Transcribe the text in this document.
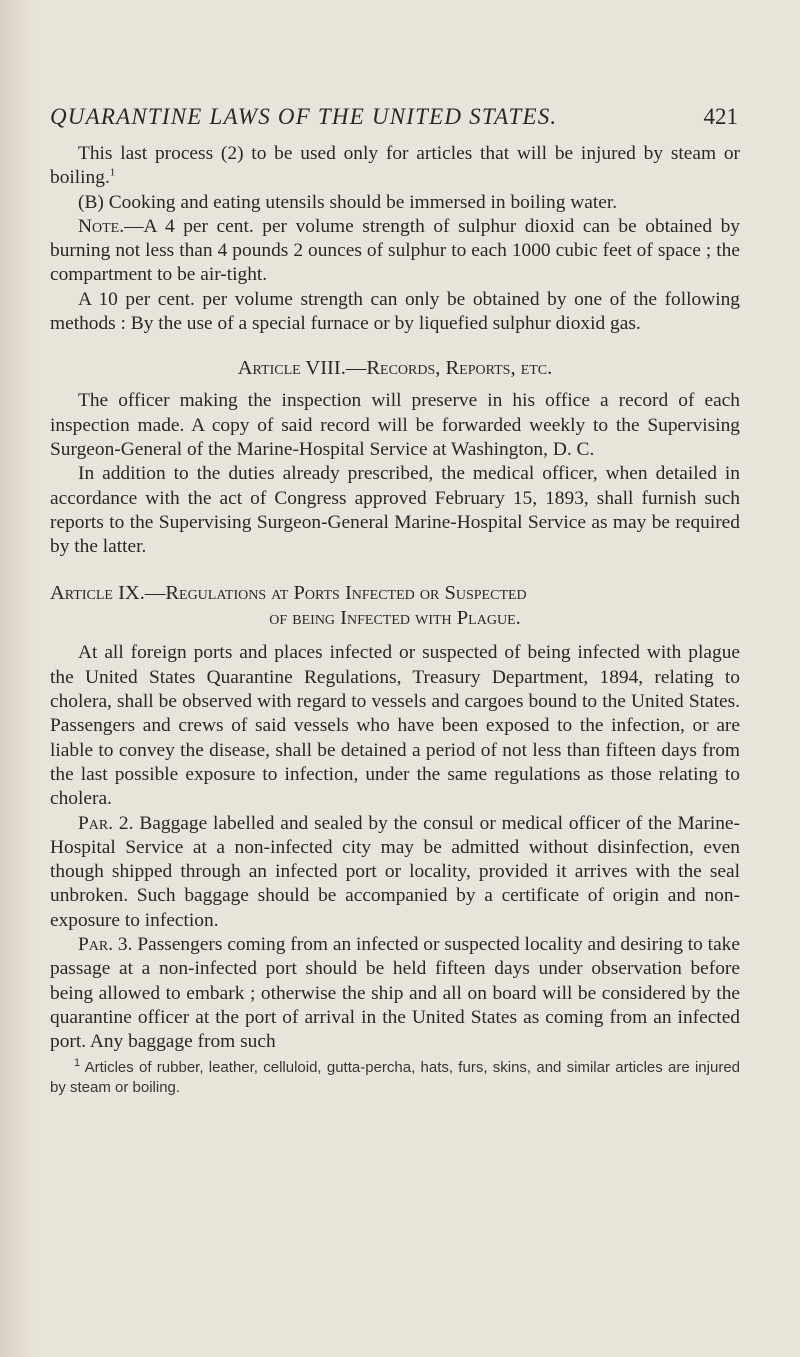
QUARANTINE LAWS OF THE UNITED STATES.	421

This last process (2) to be used only for articles that will be injured by steam or boiling.$^1$

(B) Cooking and eating utensils should be immersed in boiling water.

Note.—A 4 per cent. per volume strength of sulphur dioxid can be obtained by burning not less than 4 pounds 2 ounces of sulphur to each 1000 cubic feet of space ; the compartment to be air-tight.

A 10 per cent. per volume strength can only be obtained by one of the following methods : By the use of a special furnace or by liquefied sulphur dioxid gas.

Article VIII.—Records, Reports, etc.

The officer making the inspection will preserve in his office a record of each inspection made. A copy of said record will be forwarded weekly to the Supervising Surgeon-General of the Marine-Hospital Service at Washington, D. C.

In addition to the duties already prescribed, the medical officer, when detailed in accordance with the act of Congress approved February 15, 1893, shall furnish such reports to the Supervising Surgeon-General Marine-Hospital Service as may be required by the latter.

Article IX.—Regulations at Ports Infected or Suspected
of being Infected with Plague.

At all foreign ports and places infected or suspected of being infected with plague the United States Quarantine Regulations, Treasury Department, 1894, relating to cholera, shall be observed with regard to vessels and cargoes bound to the United States. Passengers and crews of said vessels who have been exposed to the infection, or are liable to convey the disease, shall be detained a period of not less than fifteen days from the last possible exposure to infection, under the same regulations as those relating to cholera.

Par. 2. Baggage labelled and sealed by the consul or medical officer of the Marine-Hospital Service at a non-infected city may be admitted without disinfection, even though shipped through an infected port or locality, provided it arrives with the seal unbroken. Such baggage should be accompanied by a certificate of origin and non-exposure to infection.

Par. 3. Passengers coming from an infected or suspected locality and desiring to take passage at a non-infected port should be held fifteen days under observation before being allowed to embark ; otherwise the ship and all on board will be considered by the quarantine officer at the port of arrival in the United States as coming from an infected port. Any baggage from such

$^1$ Articles of rubber, leather, celluloid, gutta-percha, hats, furs, skins, and similar articles are injured by steam or boiling.
